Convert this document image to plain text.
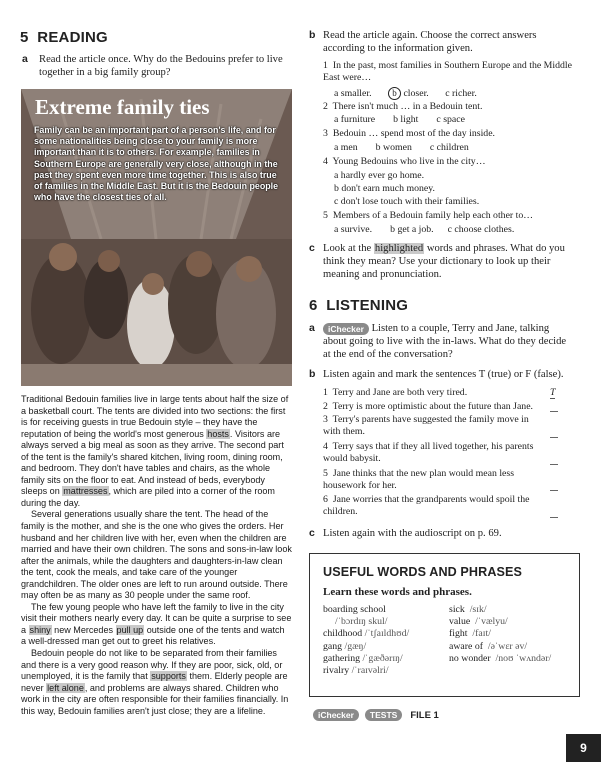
5 READING
a Read the article once. Why do the Bedouins prefer to live together in a big family group?
Extreme family ties
Family can be an important part of a person's life, and for some nationalities being close to your family is more important than it is to others. For example, families in Southern Europe are generally very close, although in the past they spent even more time together. This is also true of families in the Middle East. But it is the Bedouin people who have the closest ties of all.

Traditional Bedouin families live in large tents about half the size of a basketball court. The tents are divided into two sections: the first is for receiving guests in true Bedouin style – they have the reputation of being the world's most generous hosts. Visitors are always served a big meal as soon as they arrive. The second part of the tent is the family's shared kitchen, living room, dining room, and bedroom. They don't have tables and chairs, as the whole family sits on the floor to eat. And instead of beds, everybody sleeps on mattresses, which are piled into a corner of the room during the day.

Several generations usually share the tent. The head of the family is the mother, and she is the one who gives the orders. Her husband and her children live with her, even when the children are married and have their own children. The sons and sons-in-law look after the animals, while the daughters and daughters-in-law clean the tent, cook the meals, and take care of the younger grandchildren. The older ones are left to run around outside. There may often be as many as 30 people under the same roof.

The few young people who have left the family to live in the city visit their mothers nearly every day. It can be quite a surprise to see a shiny new Mercedes pull up outside one of the tents and watch a well-dressed man get out to greet his relatives.

Bedouin people do not like to be separated from their families and there is a very good reason why. If they are poor, sick, old, or unemployed, it is the family that supports them. Elderly people are never left alone, and problems are always shared. Children who work in the city are often responsible for their families financially. In this way, Bedouin families aren't just close; they are a lifeline.

b Read the article again. Choose the correct answers according to the information given.
1 In the past, most families in Southern Europe and the Middle East were…
a smaller. b closer. c richer.
2 There isn't much … in a Bedouin tent.
a furniture b light c space
3 Bedouin … spend most of the day inside.
a men b women c children
4 Young Bedouins who live in the city…
a hardly ever go home.
b don't earn much money.
c don't lose touch with their families.
5 Members of a Bedouin family help each other to…
a survive. b get a job. c choose clothes.
c Look at the highlighted words and phrases. What do you think they mean? Use your dictionary to look up their meaning and pronunciation.
6 LISTENING
a	iChecker Listen to a couple, Terry and Jane, talking about going to live with the in-laws. What do they decide at the end of the conversation?
b Listen again and mark the sentences T (true) or F (false).
1 Terry and Jane are both very tired.	T
2 Terry is more optimistic about the future than Jane.
3 Terry's parents have suggested the family move in with them.
4 Terry says that if they all lived together, his parents would babysit.
5 Jane thinks that the new plan would mean less housework for her.
6 Jane worries that the grandparents would spoil the children.
c Listen again with the audioscript on p. 69.
USEFUL WORDS AND PHRASES
Learn these words and phrases.
boarding school
/ˈbɔrdɪŋ skul/
childhood /ˈtʃaɪldhʊd/
gang /gæŋ/
gathering /ˈgæðərɪŋ/
rivalry /ˈraɪvəlri/
sick /sɪk/
value /ˈvælyu/
fight /faɪt/
aware of /əˈwɛr əv/
no wonder /noʊ ˈwʌndər/
iChecker TESTS FILE 1
9
